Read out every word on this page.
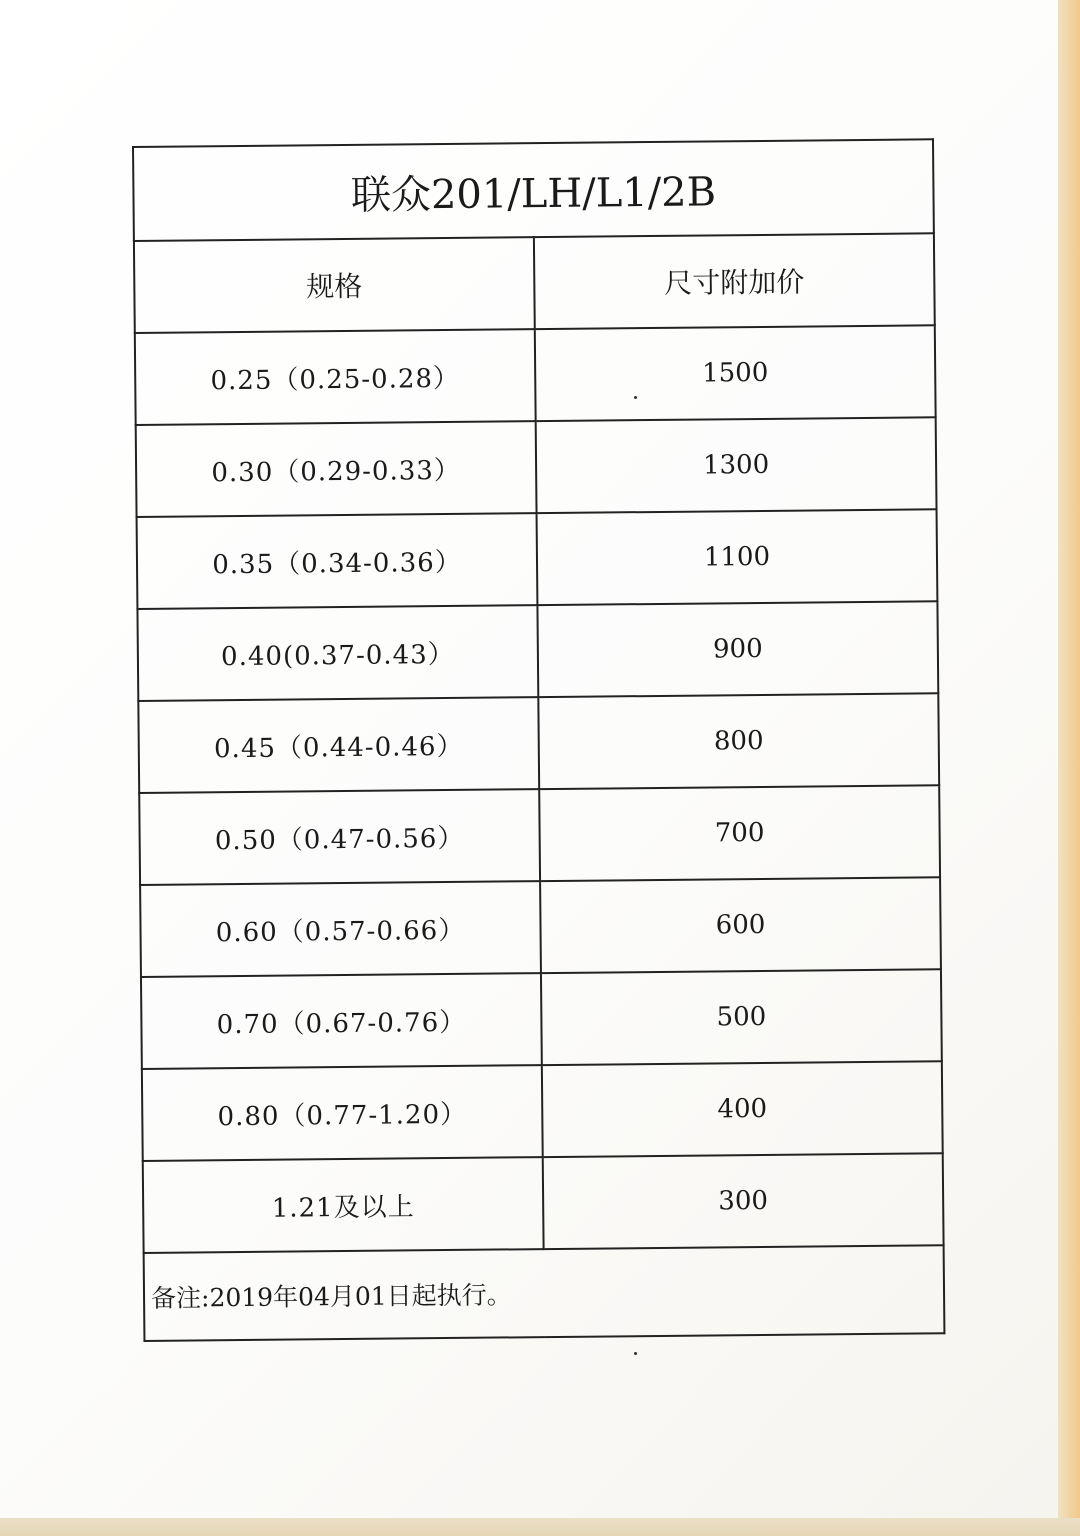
联众201/LH/L1/2B	
规格	尺寸附加价
0.25（0.25-0.28）	1500
0.30（0.29-0.33）	1300
0.35（0.34-0.36）	1100
0.40(0.37-0.43）	900
0.45（0.44-0.46）	800
0.50（0.47-0.56）	700
0.60（0.57-0.66）	600
0.70（0.67-0.76）	500
0.80（0.77-1.20）	400
1.21及以上	300
备注:2019年04月01日起执行。	
